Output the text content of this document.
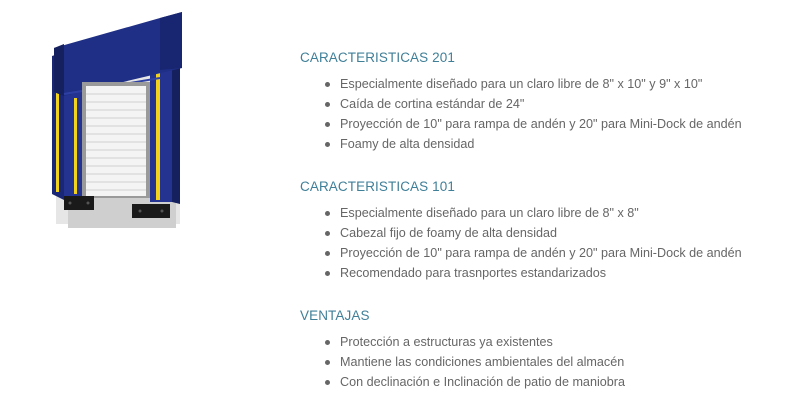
CARACTERISTICAS 201
Especialmente diseñado para un claro libre de 8" x 10" y 9" x 10"
Caída de cortina estándar de 24"
Proyección de 10" para rampa de andén y 20" para Mini-Dock de andén
Foamy de alta densidad
CARACTERISTICAS 101
Especialmente diseñado para un claro libre de 8" x 8"
Cabezal fijo de foamy de alta densidad
Proyección de 10" para rampa de andén y 20" para Mini-Dock de andén
Recomendado para trasnportes estandarizados
VENTAJAS
Protección a estructuras ya existentes
Mantiene las condiciones ambientales del almacén
Con declinación e Inclinación de patio de maniobra
